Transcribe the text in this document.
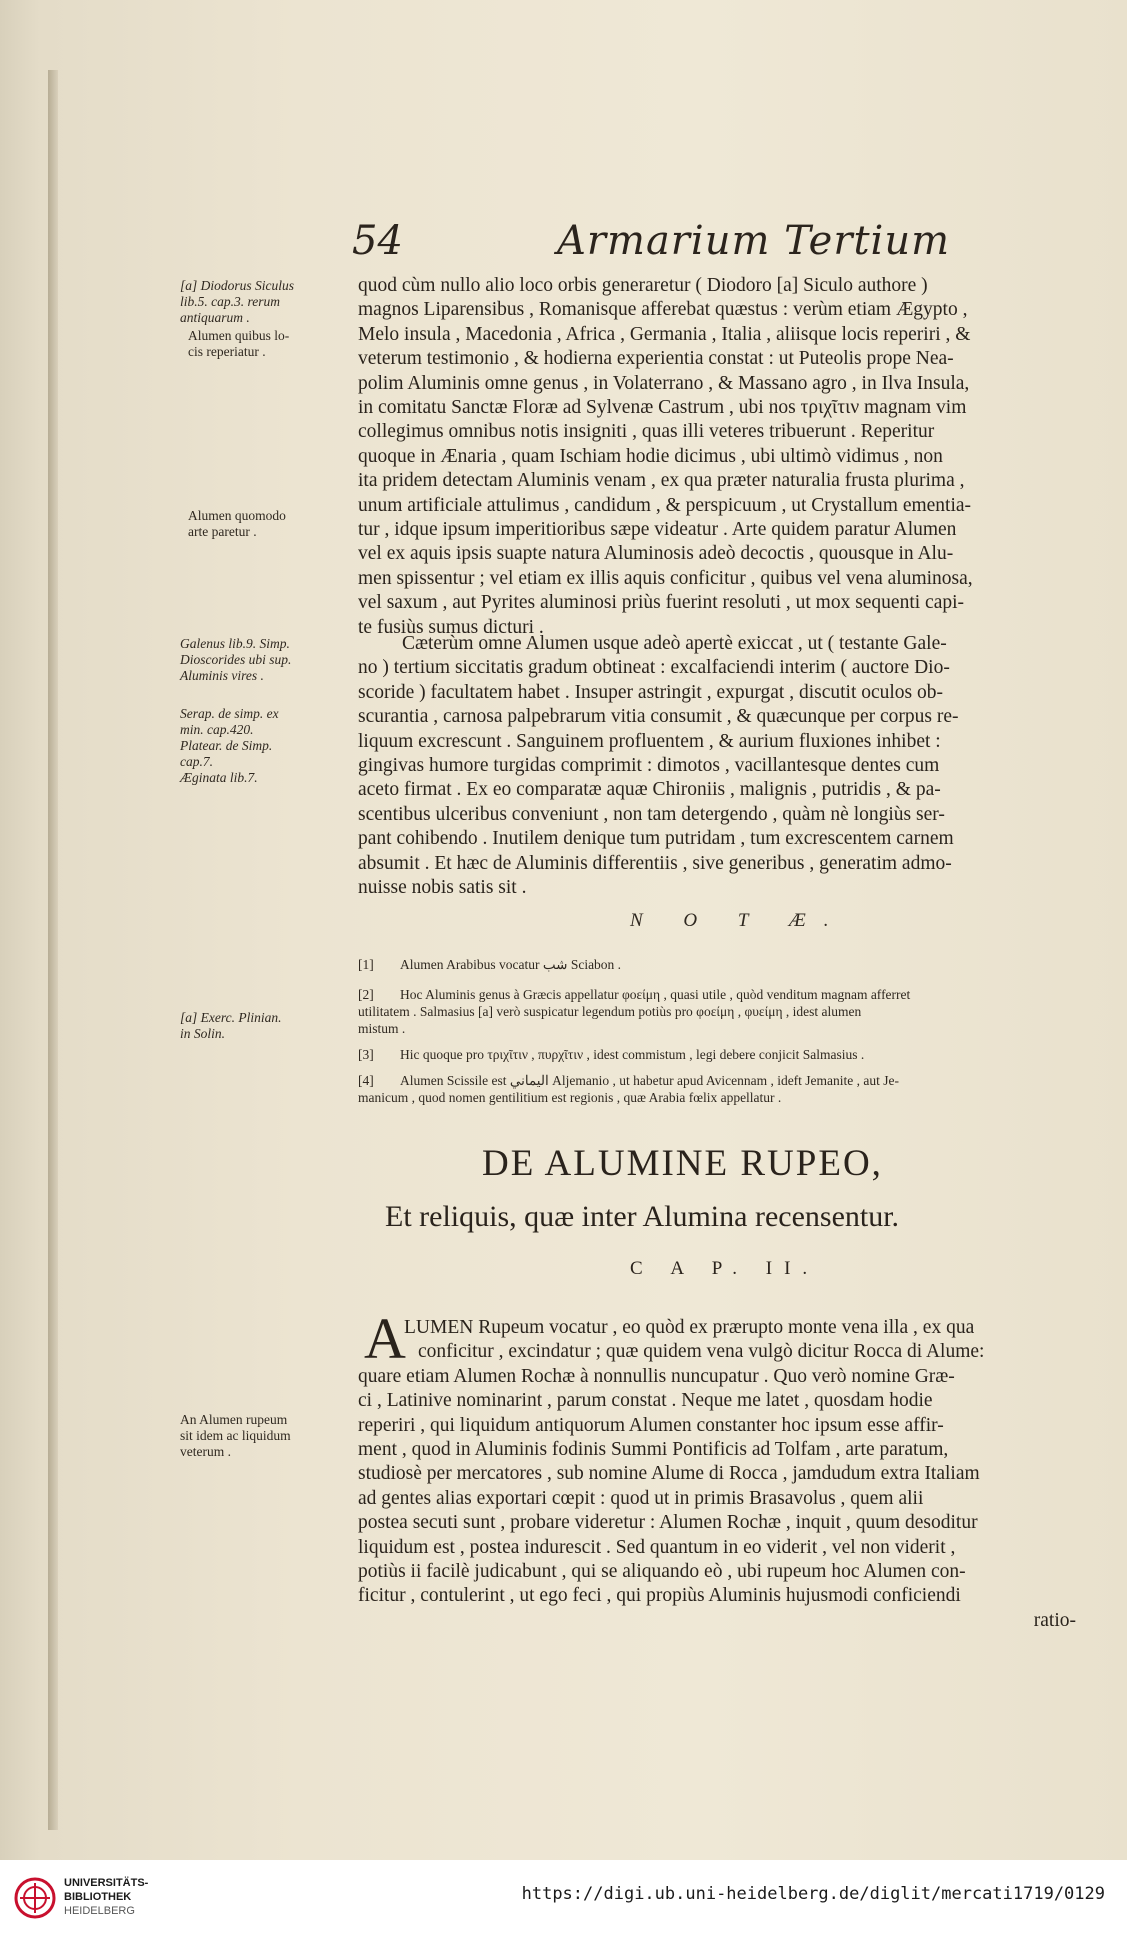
54	Armarium Tertium
[a] Diodorus Siculus
lib.5. cap.3. rerum
antiquarum .
Alumen quibus lo-
cis reperiatur .
Alumen quomodo
arte paretur .
Galenus lib.9. Simp.
Dioscorides ubi sup.
Aluminis vires .
Serap. de simp. ex
min. cap.420.
Platear. de Simp.
cap.7.
Æginata lib.7.
[a] Exerc. Plinian.
in Solin.
An Alumen rupeum
sit idem ac liquidum
veterum .

quod cùm nullo alio loco orbis generaretur ( Diodoro [a] Siculo authore )

magnos Liparensibus , Romanisque afferebat quæstus : verùm etiam Ægypto ,

Melo insula , Macedonia , Africa , Germania , Italia , aliisque locis reperiri , &

veterum testimonio , & hodierna experientia constat : ut Puteolis prope Nea-

polim Aluminis omne genus , in Volaterrano , & Massano agro , in Ilva Insula,

in comitatu Sanctæ Floræ ad Sylvenæ Castrum , ubi nos τριχῖτιν magnam vim

collegimus omnibus notis insigniti , quas illi veteres tribuerunt . Reperitur

quoque in Ænaria , quam Ischiam hodie dicimus , ubi ultimò vidimus , non

ita pridem detectam Aluminis venam , ex qua præter naturalia frusta plurima ,

unum artificiale attulimus , candidum , & perspicuum , ut Crystallum ementia-

tur , idque ipsum imperitioribus sæpe videatur . Arte quidem paratur Alumen

vel ex aquis ipsis suapte natura Aluminosis adeò decoctis , quousque in Alu-

men spissentur ; vel etiam ex illis aquis conficitur , quibus vel vena aluminosa,

vel saxum , aut Pyrites aluminosi priùs fuerint resoluti , ut mox sequenti capi-

te fusiùs sumus dicturi .

Cæterùm omne Alumen usque adeò apertè exiccat , ut ( testante Gale-

no ) tertium siccitatis gradum obtineat : excalfaciendi interim ( auctore Dio-

scoride ) facultatem habet . Insuper astringit , expurgat , discutit oculos ob-

scurantia , carnosa palpebrarum vitia consumit , & quæcunque per corpus re-

liquum excrescunt . Sanguinem profluentem , & aurium fluxiones inhibet :

gingivas humore turgidas comprimit : dimotos , vacillantesque dentes cum

aceto firmat . Ex eo comparatæ aquæ Chironiis , malignis , putridis , & pa-

scentibus ulceribus conveniunt , non tam detergendo , quàm nè longiùs ser-

pant cohibendo . Inutilem denique tum putridam , tum excrescentem carnem

absumit . Et hæc de Aluminis differentiis , sive generibus , generatim admo-

nuisse nobis satis sit .

N O T Æ.
[1] Alumen Arabibus vocatur شب Sciabon .
[2] Hoc Aluminis genus à Græcis appellatur φοείμη , quasi utile , quòd venditum magnam afferret
utilitatem . Salmasius [a] verò suspicatur legendum potiùs pro φοείμη , φυείμη , idest alumen
mistum .
[3] Hic quoque pro τριχῖτιν , πυρχῖτιν , idest commistum , legi debere conjicit Salmasius .
[4] Alumen Scissile est اليماني Aljemanio , ut habetur apud Avicennam , ideft Jemanite , aut Je-
manicum , quod nomen gentilitium est regionis , quæ Arabia fœlix appellatur .
DE ALUMINE RUPEO,
Et reliquis, quæ inter Alumina recensentur.
C A P. II.
A

LUMEN Rupeum vocatur , eo quòd ex prærupto monte vena illa , ex qua

conficitur , excindatur ; quæ quidem vena vulgò dicitur Rocca di Alume:

quare etiam Alumen Rochæ à nonnullis nuncupatur . Quo verò nomine Græ-

ci , Latinive nominarint , parum constat . Neque me latet , quosdam hodie

reperiri , qui liquidum antiquorum Alumen constanter hoc ipsum esse affir-

ment , quod in Aluminis fodinis Summi Pontificis ad Tolfam , arte paratum,

studiosè per mercatores , sub nomine Alume di Rocca , jamdudum extra Italiam

ad gentes alias exportari cœpit : quod ut in primis Brasavolus , quem alii

postea secuti sunt , probare videretur : Alumen Rochæ , inquit , quum desoditur

liquidum est , postea indurescit . Sed quantum in eo viderit , vel non viderit ,

potiùs ii facilè judicabunt , qui se aliquando eò , ubi rupeum hoc Alumen con-

ficitur , contulerint , ut ego feci , qui propiùs Aluminis hujusmodi conficiendi

ratio-

UNIVERSITÄTS-
BIBLIOTHEK
HEIDELBERG
https://digi.ub.uni-heidelberg.de/diglit/mercati1719/0129
